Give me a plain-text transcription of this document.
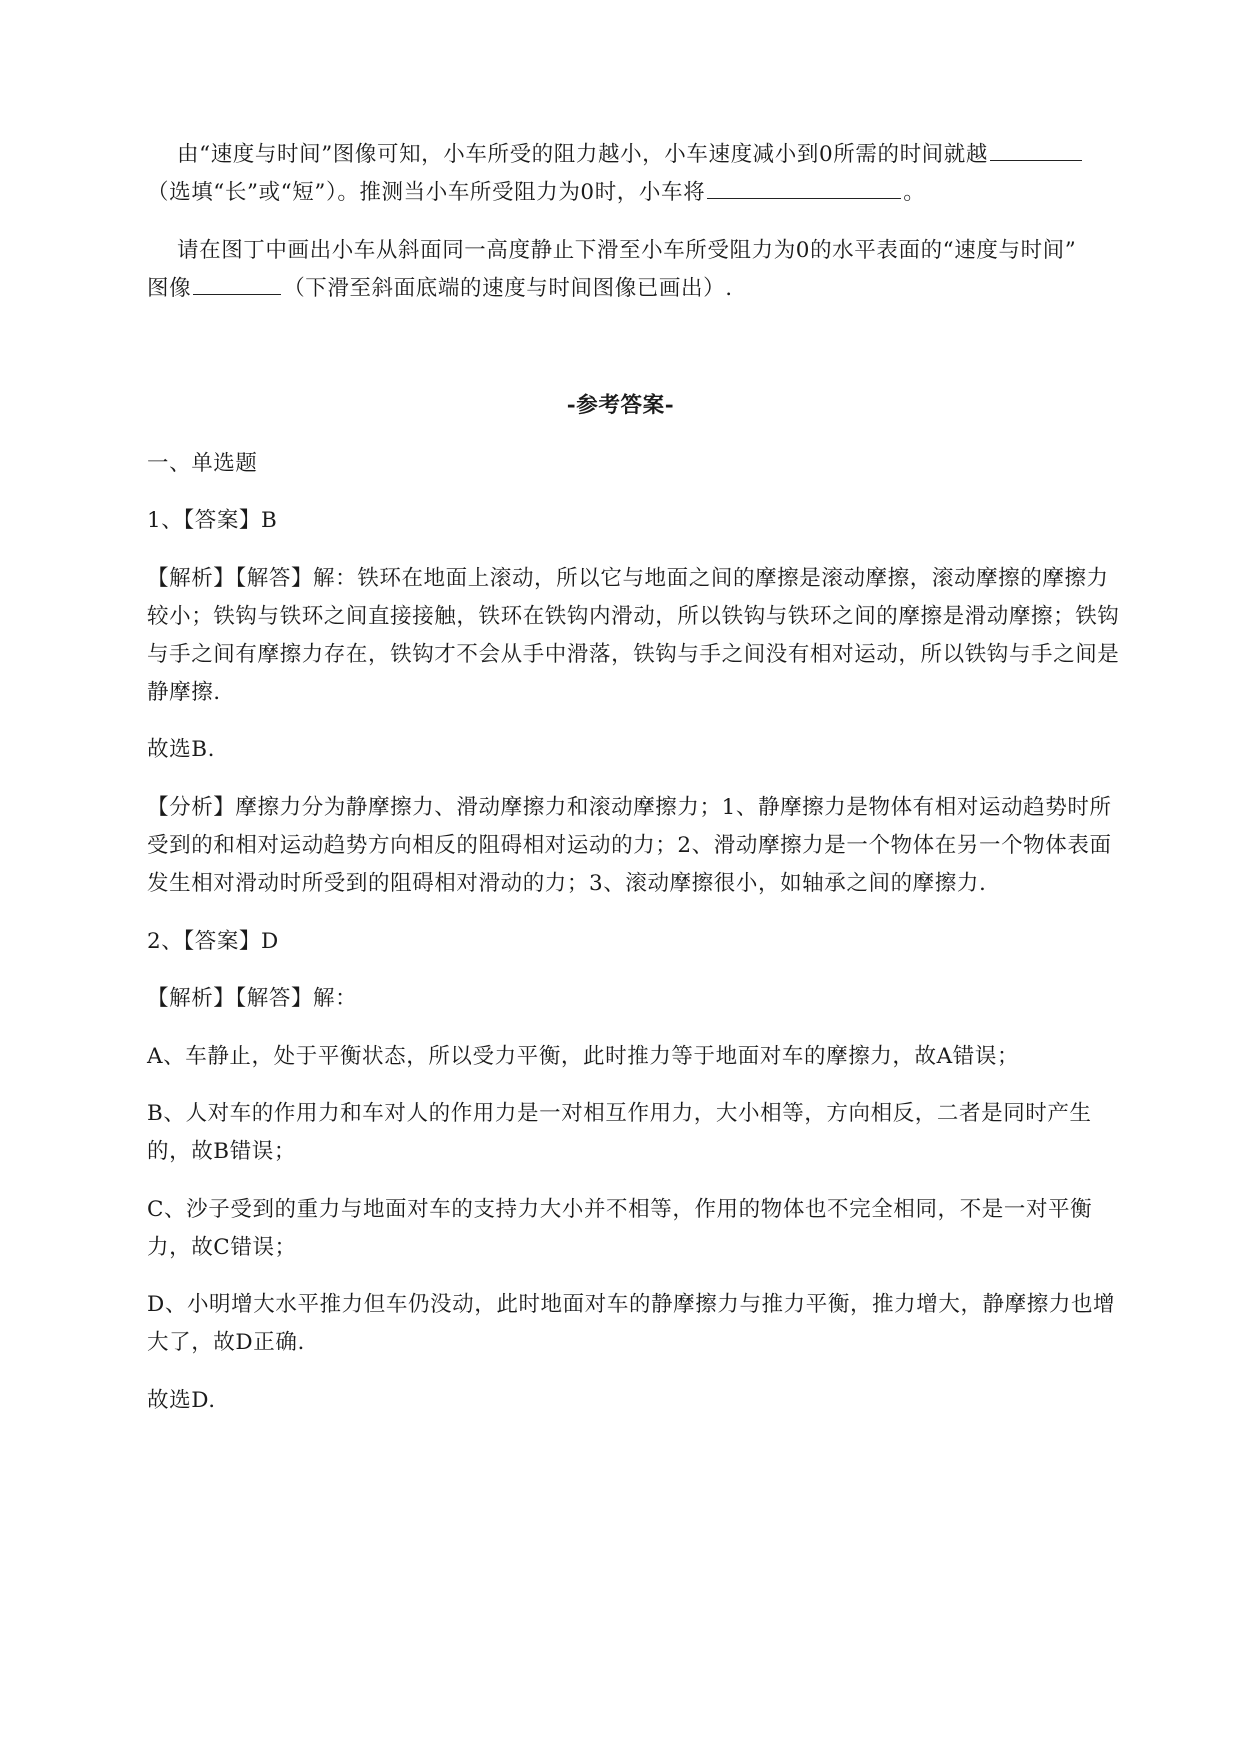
由“速度与时间”图像可知，小车所受的阻力越小，小车速度减小到0所需的时间就越
（选填“长”或“短”）。推测当小车所受阻力为0时，小车将	。
请在图丁中画出小车从斜面同一高度静止下滑至小车所受阻力为0的水平表面的“速度与时间”
图像	（下滑至斜面底端的速度与时间图像已画出）.
-参考答案-
一、单选题
1、【答案】B
【解析】【解答】解：铁环在地面上滚动，所以它与地面之间的摩擦是滚动摩擦，滚动摩擦的摩擦力
较小；铁钩与铁环之间直接接触，铁环在铁钩内滑动，所以铁钩与铁环之间的摩擦是滑动摩擦；铁钩
与手之间有摩擦力存在，铁钩才不会从手中滑落，铁钩与手之间没有相对运动，所以铁钩与手之间是
静摩擦.
故选B.
【分析】摩擦力分为静摩擦力、滑动摩擦力和滚动摩擦力；1、静摩擦力是物体有相对运动趋势时所
受到的和相对运动趋势方向相反的阻碍相对运动的力；2、滑动摩擦力是一个物体在另一个物体表面
发生相对滑动时所受到的阻碍相对滑动的力；3、滚动摩擦很小，如轴承之间的摩擦力.
2、【答案】D
【解析】【解答】解：
A、车静止，处于平衡状态，所以受力平衡，此时推力等于地面对车的摩擦力，故A错误；
B、人对车的作用力和车对人的作用力是一对相互作用力，大小相等，方向相反，二者是同时产生
的，故B错误；
C、沙子受到的重力与地面对车的支持力大小并不相等，作用的物体也不完全相同，不是一对平衡
力，故C错误；
D、小明增大水平推力但车仍没动，此时地面对车的静摩擦力与推力平衡，推力增大，静摩擦力也增
大了，故D正确.
故选D.
